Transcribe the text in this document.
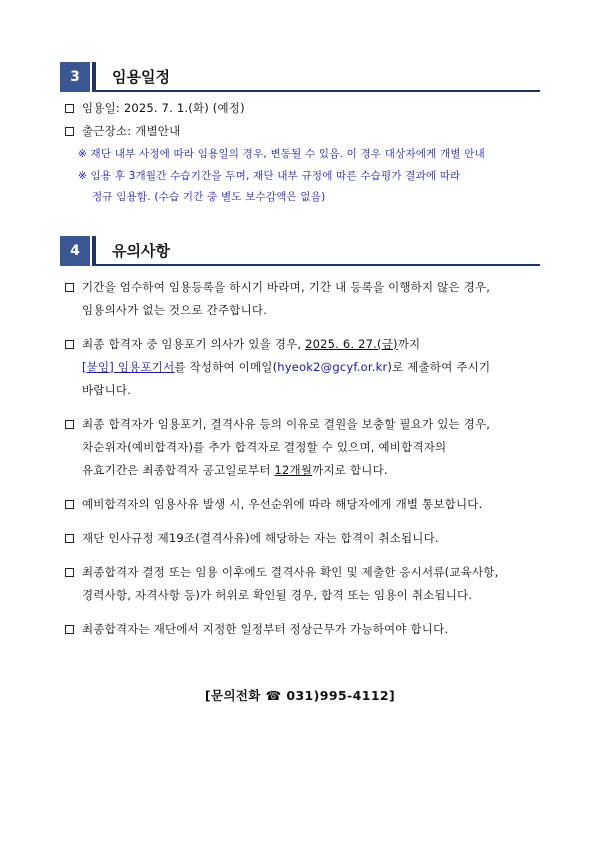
3	임용일정
임용일: 2025. 7. 1.(화) (예정)
출근장소: 개별안내
※ 재단 내부 사정에 따라 임용일의 경우, 변동될 수 있음. 이 경우 대상자에게 개별 안내
※ 임용 후 3개월간 수습기간을 두며, 재단 내부 규정에 따른 수습평가 결과에 따라
정규 임용함. (수습 기간 중 별도 보수감액은 없음)
4	유의사항
기간을 엄수하여 임용등록을 하시기 바라며, 기간 내 등록을 이행하지 않은 경우,
임용의사가 없는 것으로 간주합니다.
최종 합격자 중 임용포기 의사가 있을 경우, 2025. 6. 27.(금)까지
[붙임] 임용포기서를 작성하여 이메일(hyeok2@gcyf.or.kr)로 제출하여 주시기
바랍니다.
최종 합격자가 임용포기, 결격사유 등의 이유로 결원을 보충할 필요가 있는 경우,
차순위자(예비합격자)를 추가 합격자로 결정할 수 있으며, 예비합격자의
유효기간은 최종합격자 공고일로부터 12개월까지로 합니다.
예비합격자의 임용사유 발생 시, 우선순위에 따라 해당자에게 개별 통보합니다.
재단 인사규정 제19조(결격사유)에 해당하는 자는 합격이 취소됩니다.
최종합격자 결정 또는 임용 이후에도 결격사유 확인 및 제출한 응시서류(교육사항,
경력사항, 자격사항 등)가 허위로 확인될 경우, 합격 또는 임용이 취소됩니다.
최종합격자는 재단에서 지정한 일정부터 정상근무가 가능하여야 합니다.
[문의전화 ☎ 031)995-4112]
